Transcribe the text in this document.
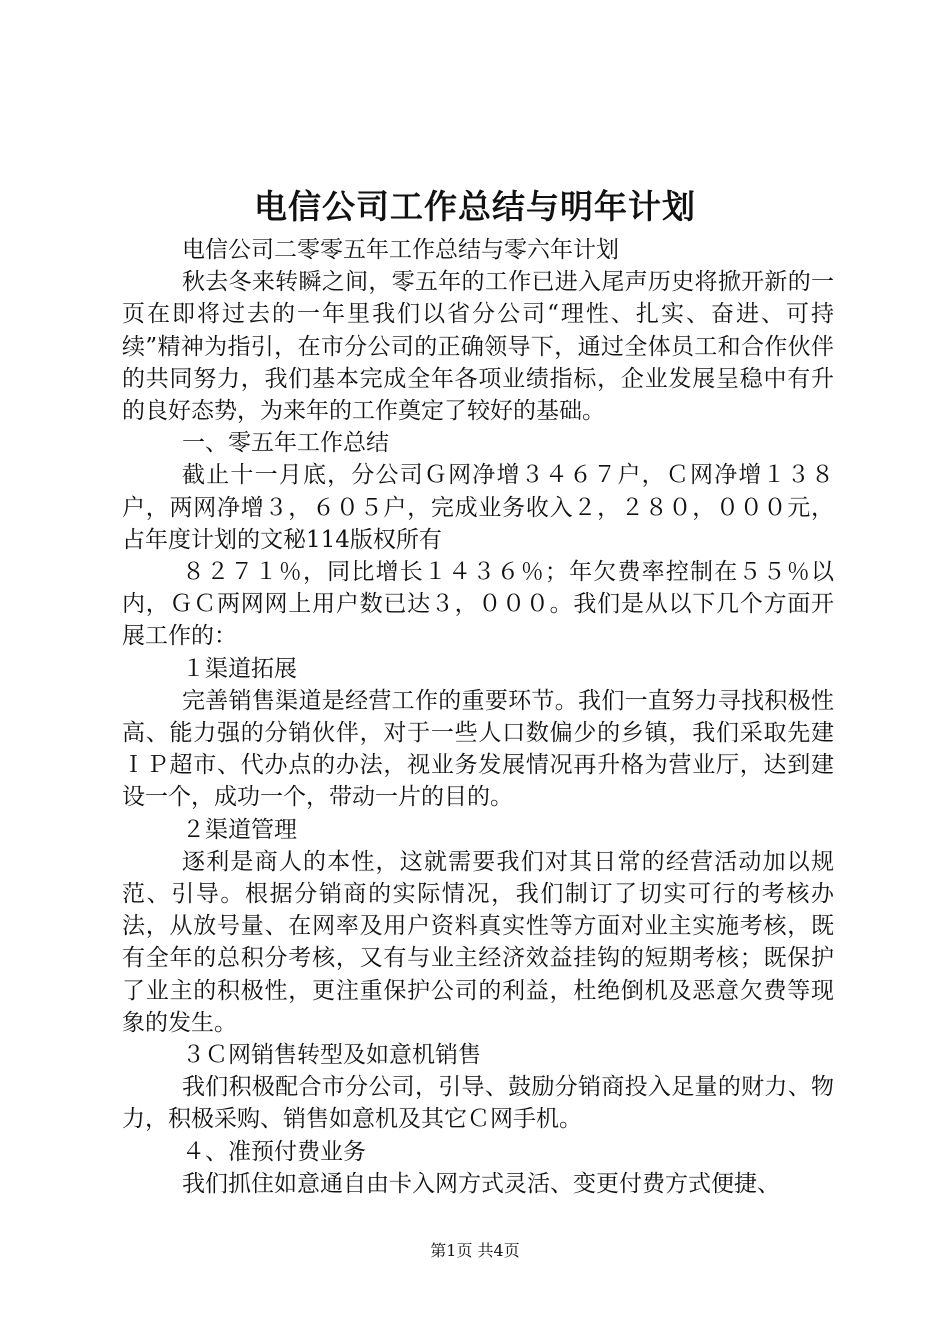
电信公司工作总结与明年计划

电信公司二零零五年工作总结与零六年计划

秋去冬来转瞬之间，零五年的工作已进入尾声历史将掀开新的一页在即将过去的一年里我们以省分公司“理性、扎实、奋进、可持续”精神为指引，在市分公司的正确领导下，通过全体员工和合作伙伴的共同努力，我们基本完成全年各项业绩指标，企业发展呈稳中有升的良好态势，为来年的工作奠定了较好的基础。

一、零五年工作总结

截止十一月底，分公司Ｇ网净增３４６７户，Ｃ网净增１３８户，两网净增３，６０５户，完成业务收入２，２８０，０００元，占年度计划的文秘114版权所有

８２７１％，同比增长１４３６％；年欠费率控制在５５％以内，ＧＣ两网网上用户数已达３，０００。我们是从以下几个方面开展工作的：

１渠道拓展

完善销售渠道是经营工作的重要环节。我们一直努力寻找积极性高、能力强的分销伙伴，对于一些人口数偏少的乡镇，我们采取先建ＩＰ超市、代办点的办法，视业务发展情况再升格为营业厅，达到建设一个，成功一个，带动一片的目的。

２渠道管理

逐利是商人的本性，这就需要我们对其日常的经营活动加以规范、引导。根据分销商的实际情况，我们制订了切实可行的考核办法，从放号量、在网率及用户资料真实性等方面对业主实施考核，既有全年的总积分考核，又有与业主经济效益挂钩的短期考核；既保护了业主的积极性，更注重保护公司的利益，杜绝倒机及恶意欠费等现象的发生。

３Ｃ网销售转型及如意机销售

我们积极配合市分公司，引导、鼓励分销商投入足量的财力、物力，积极采购、销售如意机及其它Ｃ网手机。

４、准预付费业务

我们抓住如意通自由卡入网方式灵活、变更付费方式便捷、

第1页 共4页
